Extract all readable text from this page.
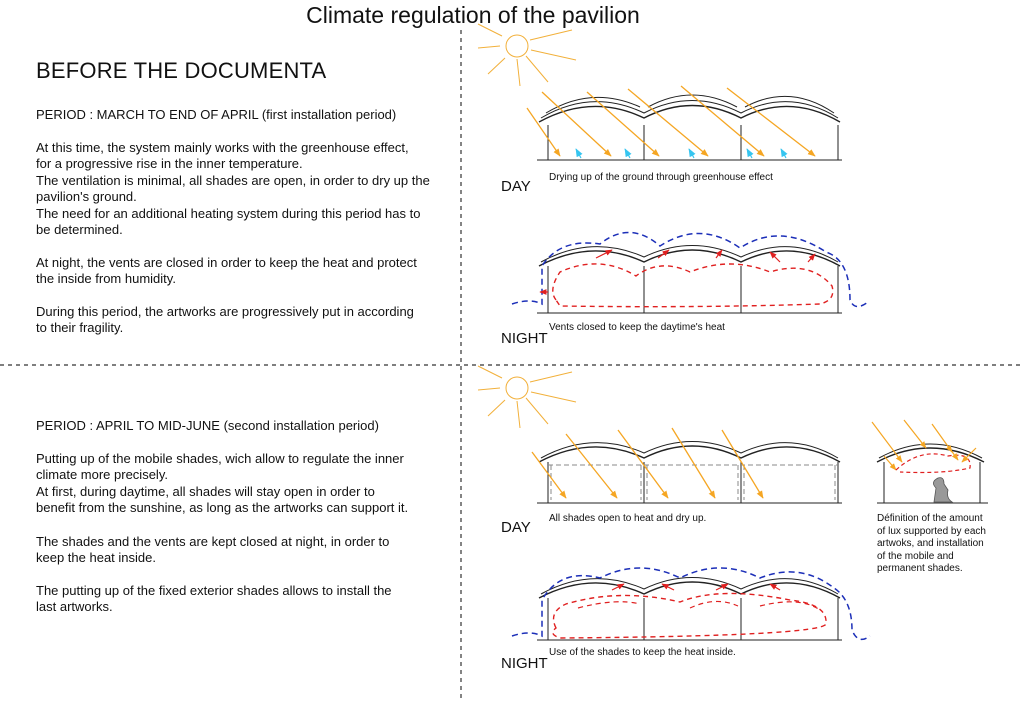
Climate regulation of the pavilion
BEFORE THE DOCUMENTA
PERIOD : MARCH TO END OF APRIL (first installation period)
At this time, the system mainly works with the greenhouse effect,
for a progressive rise in the inner temperature.
The ventilation is minimal, all shades are open, in order to dry up the
pavilion's ground.
The need for an additional heating system during this period has to
be determined.
At night, the vents are closed in order to keep the heat and protect
the inside from humidity.
During this period, the artworks are progressively put in according
to their fragility.
PERIOD : APRIL TO MID-JUNE (second installation period)
Putting up of the mobile shades, wich allow to regulate the inner
climate more precisely.
At first, during daytime, all shades will stay open in order to
benefit from the sunshine, as long as the artworks can support it.
The shades and the vents are kept closed at night, in order to
keep the heat inside.
The putting up of the fixed exterior shades allows to install the
last artworks.
DAY
Drying up of the ground through greenhouse effect
NIGHT
Vents closed to keep the daytime's heat
DAY
All shades open to heat and dry up.	Définition of the amount
of lux supported by each
artwoks, and installation
of the mobile and
permanent shades.
NIGHT
Use of the shades to keep the heat inside.
